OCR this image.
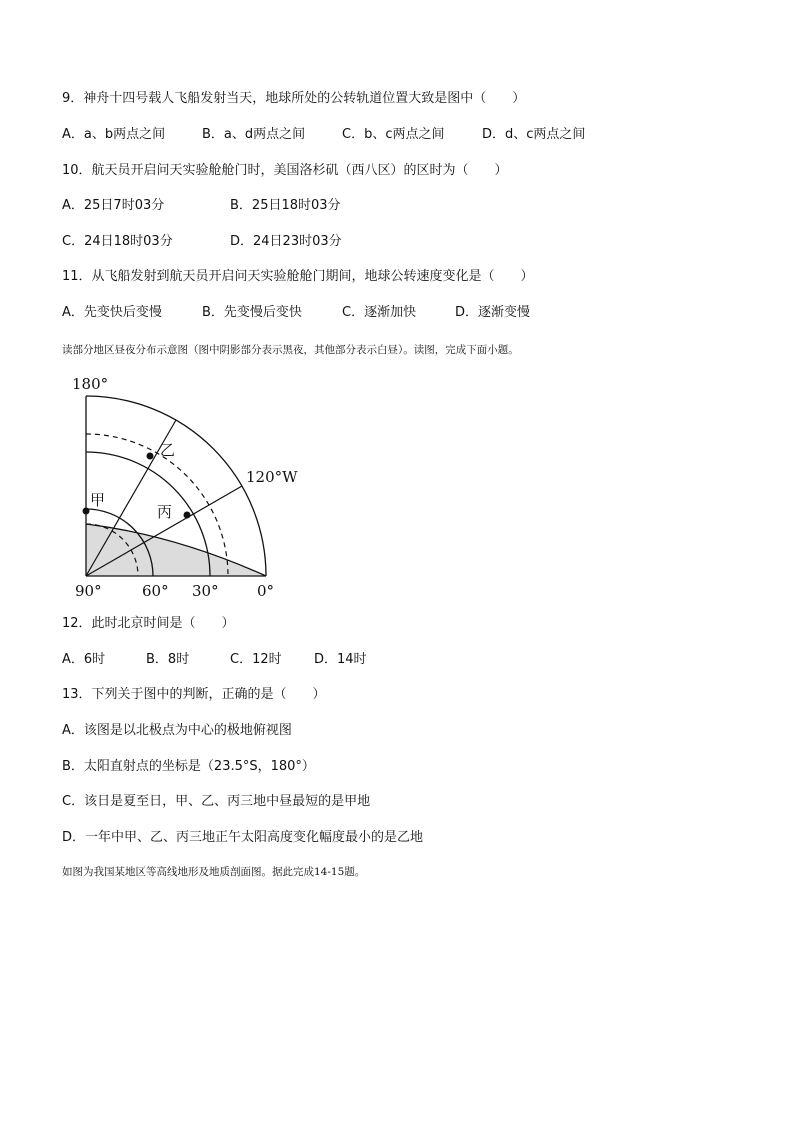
9．神舟十四号载人飞船发射当天，地球所处的公转轨道位置大致是图中（　　）
A．a、b两点之间	B．a、d两点之间	C．b、c两点之间	D．d、c两点之间
10．航天员开启问天实验舱舱门时，美国洛杉矶（西八区）的区时为（　　）
A．25日7时03分	B．25日18时03分
C．24日18时03分	D．24日23时03分
11．从飞船发射到航天员开启问天实验舱舱门期间，地球公转速度变化是（　　）
A．先变快后变慢	B．先变慢后变快	C．逐渐加快	D．逐渐变慢
读部分地区昼夜分布示意图（图中阴影部分表示黑夜，其他部分表示白昼）。读图，完成下面小题。
180°
120°W
90°	60° 30°	0°
甲
乙
丙
12．此时北京时间是（　　）
A．6时	B．8时	C．12时 D．14时
13．下列关于图中的判断，正确的是（　　）
A．该图是以北极点为中心的极地俯视图
B．太阳直射点的坐标是（23.5°S，180°）
C．该日是夏至日，甲、乙、丙三地中昼最短的是甲地
D．一年中甲、乙、丙三地正午太阳高度变化幅度最小的是乙地
如图为我国某地区等高线地形及地质剖面图。据此完成14-15题。
